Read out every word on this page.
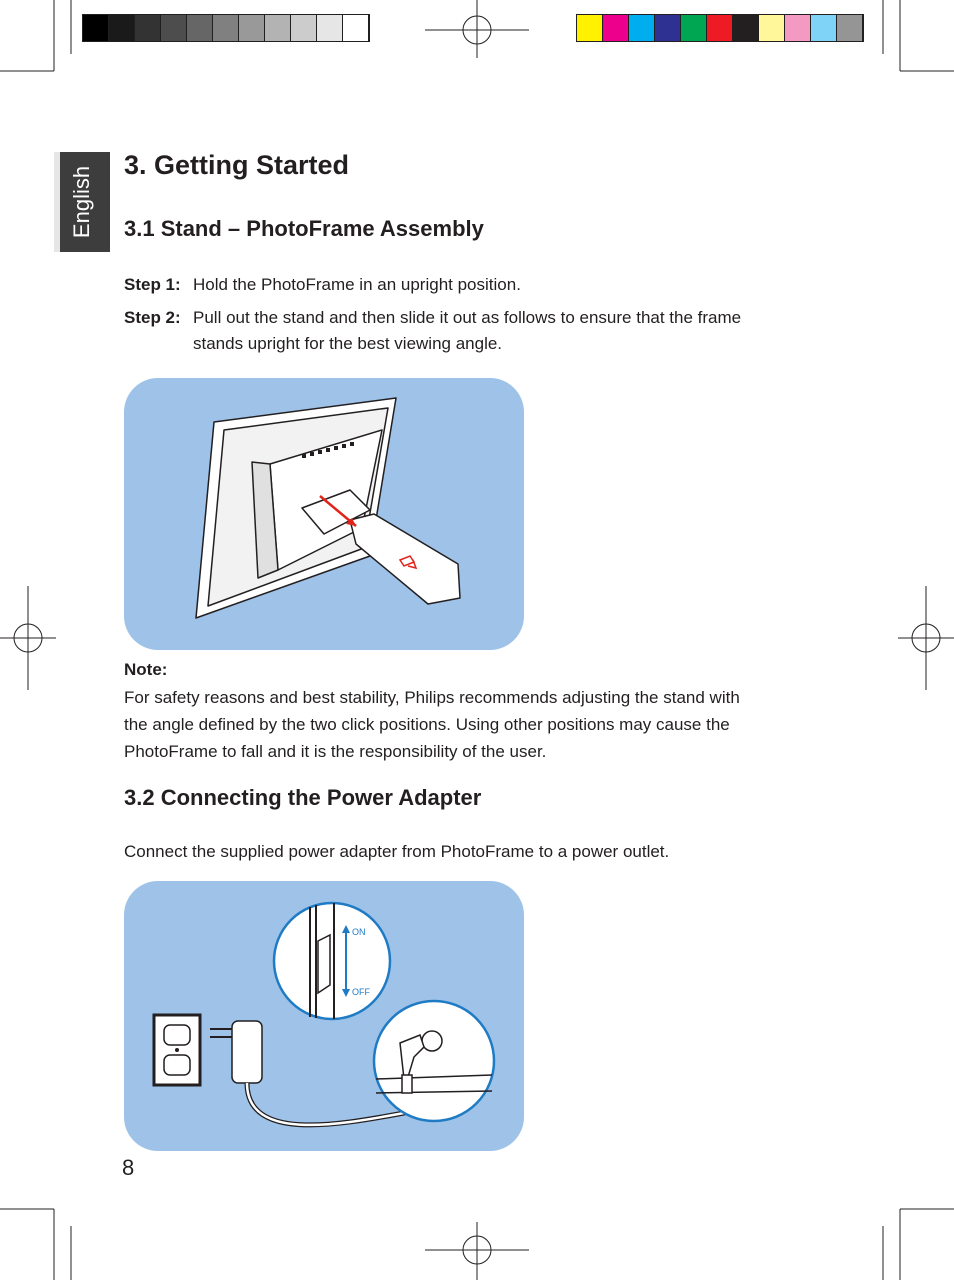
English
3. Getting Started
3.1 Stand – PhotoFrame Assembly
Step 1: Hold the PhotoFrame in an upright position.
Step 2: Pull out the stand and then slide it out as follows to ensure that the frame
stands upright for the best viewing angle.
Note:
For safety reasons and best stability, Philips recommends adjusting the stand with
the angle defined by the two click positions. Using other positions may cause the
PhotoFrame to fall and it is the responsibility of the user.
3.2 Connecting the Power Adapter
Connect the supplied power adapter from PhotoFrame to a power outlet.
ON
OFF
8
